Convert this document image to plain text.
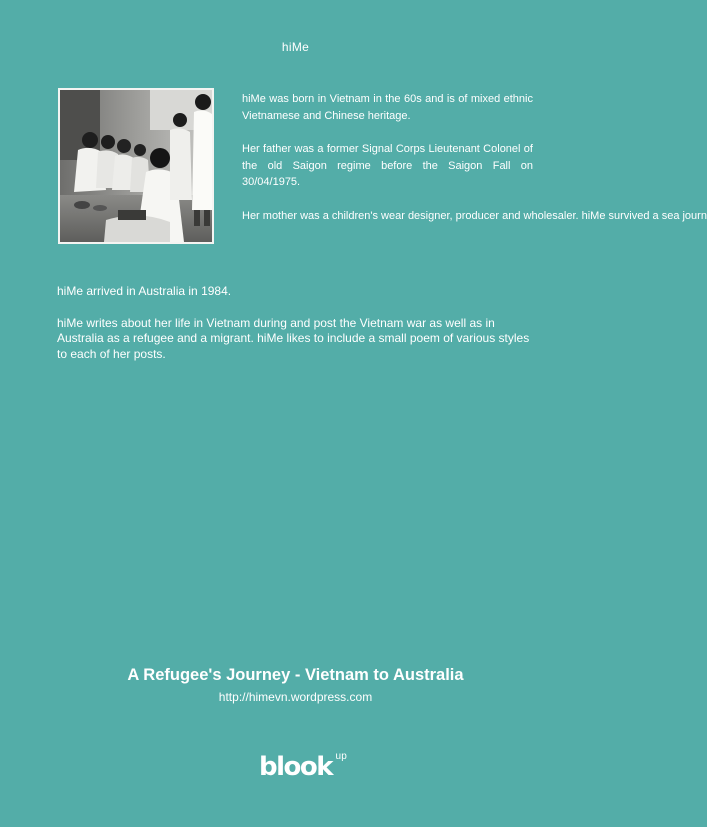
hiMe

hiMe was born in Vietnam in the 60s and is of mixed ethnic Vietnamese and Chinese heritage.

Her father was a former Signal Corps Lieutenant Colonel of the old Saigon regime before the Saigon Fall on 30/04/1975.

Her mother was a children's wear designer, producer and wholesaler. hiMe survived a sea journ

hiMe arrived in Australia in 1984.

hiMe writes about her life in Vietnam during and post the Vietnam war as well as in Australia as a refugee and a migrant. hiMe likes to include a small poem of various styles to each of her posts.

A Refugee's Journey - Vietnam to Australia
http://himevn.wordpress.com
blook up
